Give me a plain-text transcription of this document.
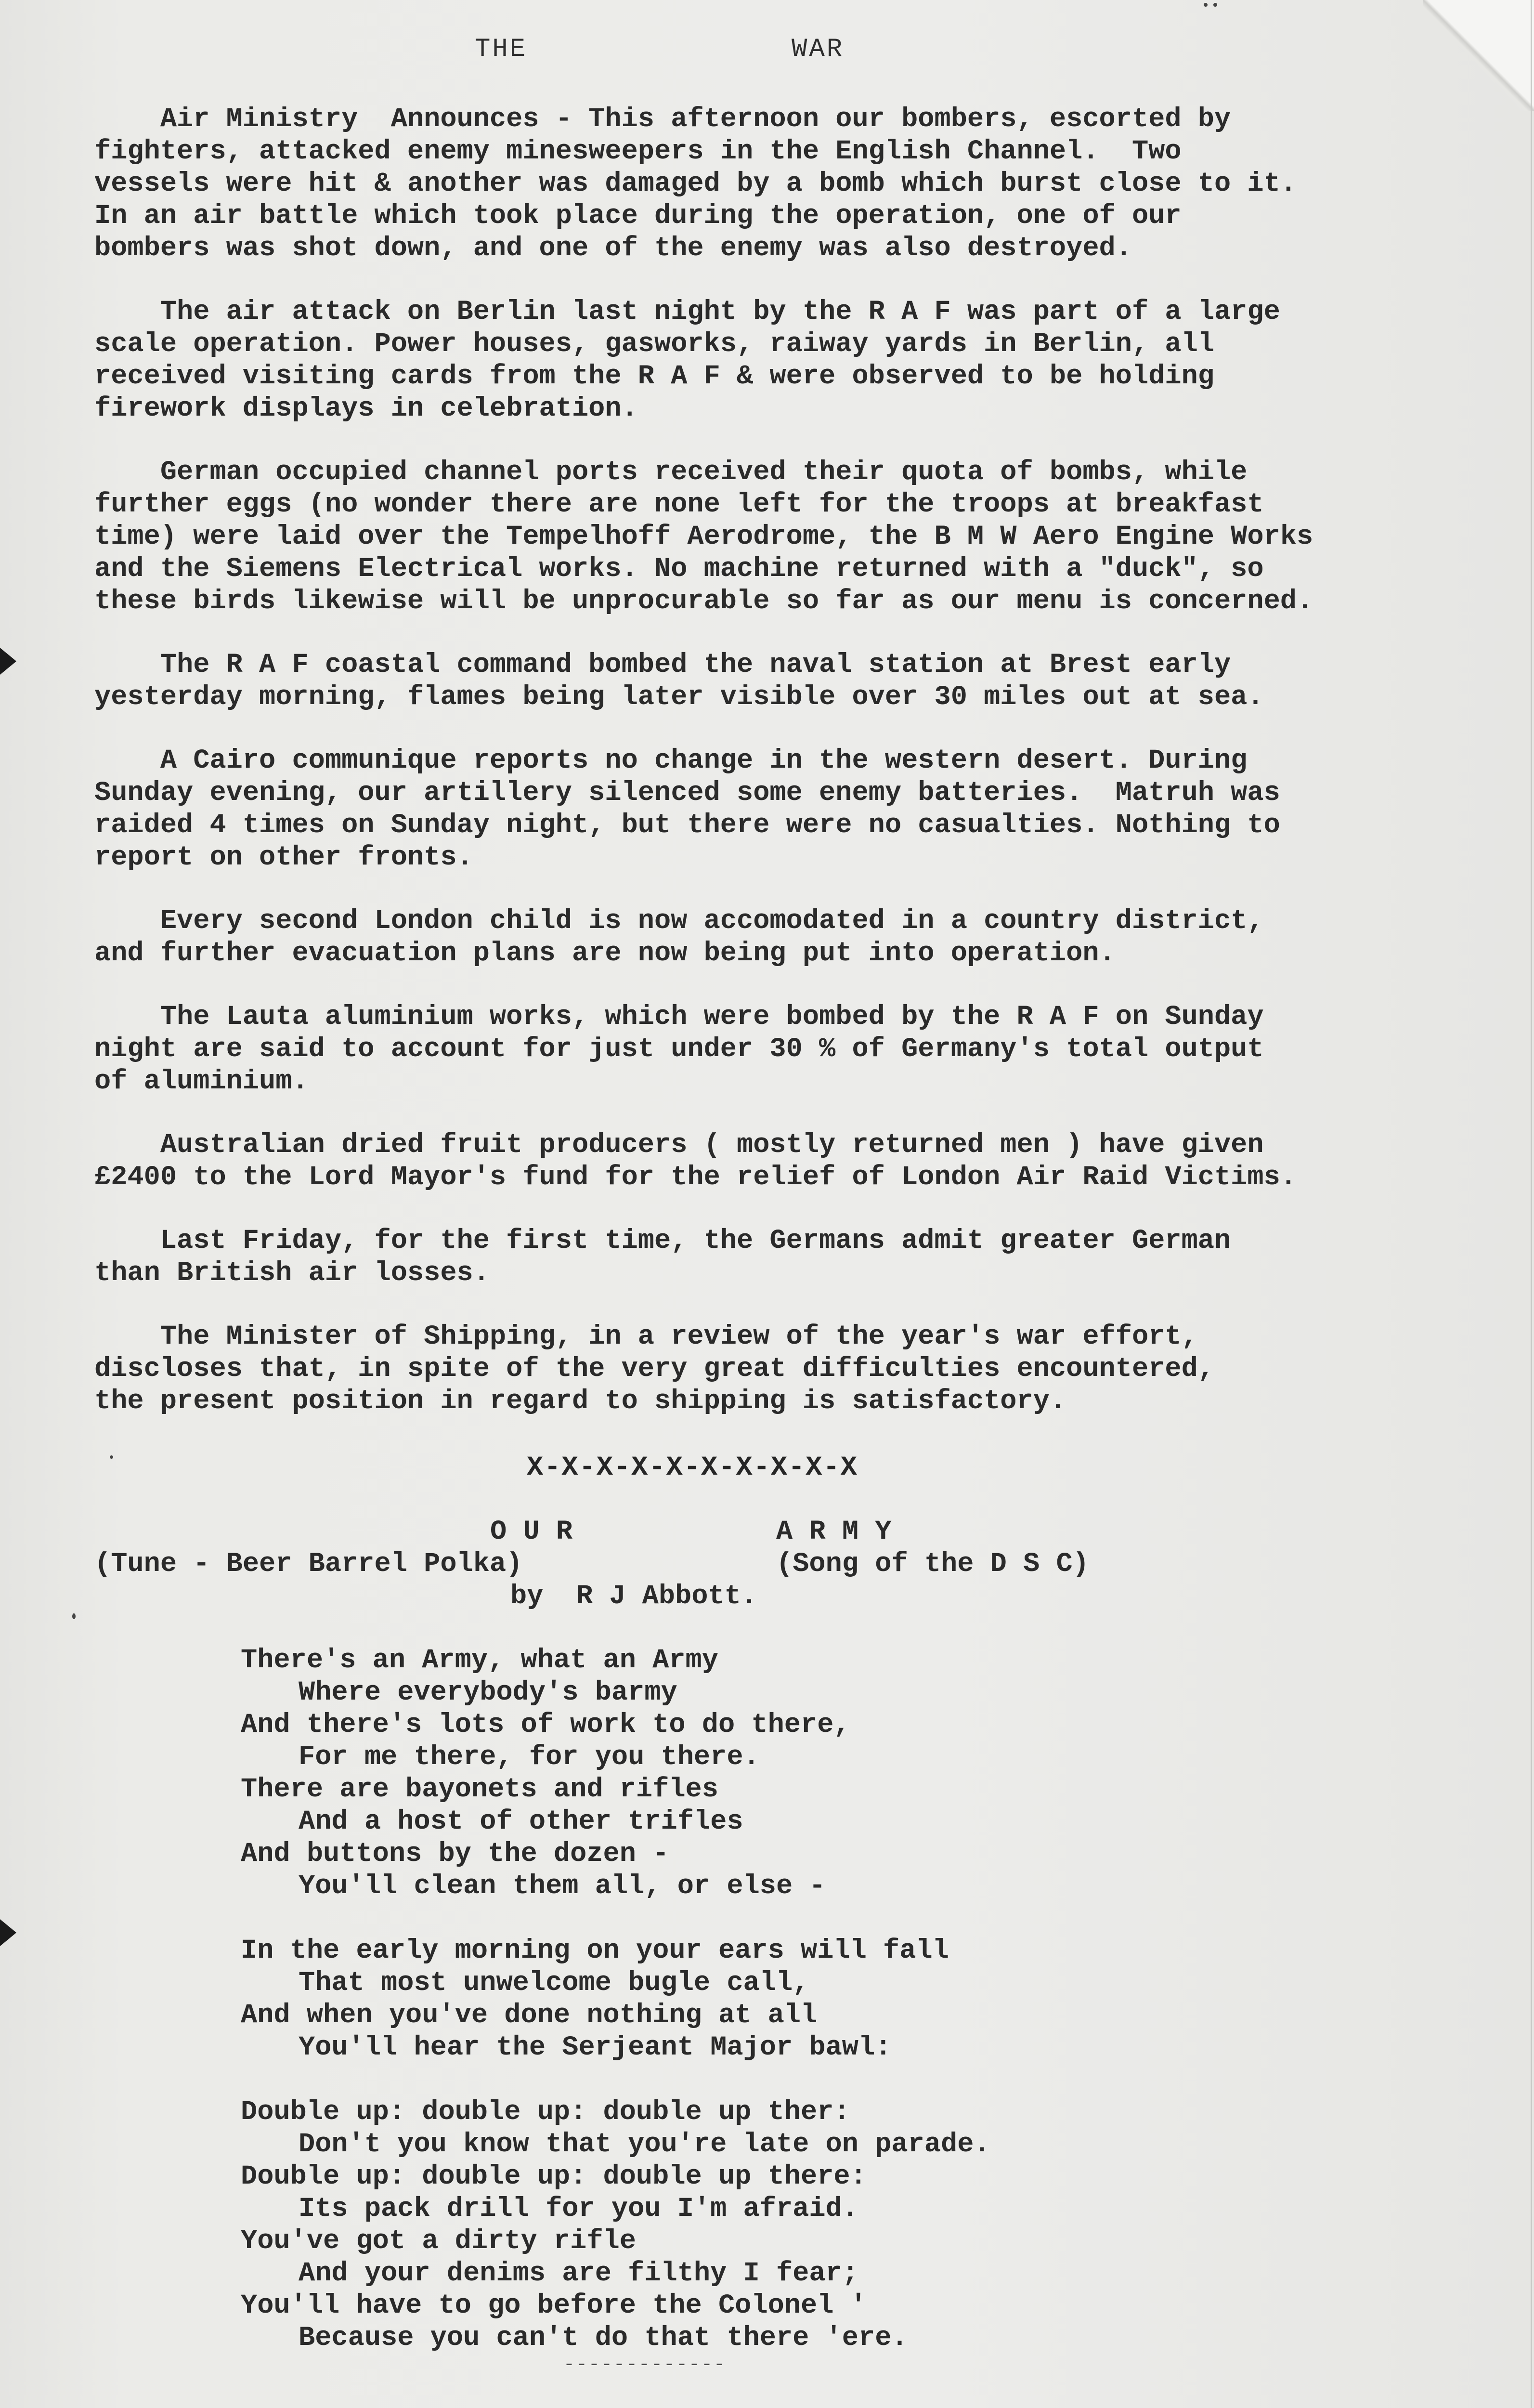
THE	WAR
Air Ministry  Announces - This afternoon our bombers, escorted by
fighters, attacked enemy minesweepers in the English Channel.  Two
vessels were hit & another was damaged by a bomb which burst close to it.
In an air battle which took place during the operation, one of our
bombers was shot down, and one of the enemy was also destroyed.
The air attack on Berlin last night by the R A F was part of a large
scale operation. Power houses, gasworks, raiway yards in Berlin, all
received visiting cards from the R A F & were observed to be holding
firework displays in celebration.
German occupied channel ports received their quota of bombs, while
further eggs (no wonder there are none left for the troops at breakfast
time) were laid over the Tempelhoff Aerodrome, the B M W Aero Engine Works
and the Siemens Electrical works. No machine returned with a "duck", so
these birds likewise will be unprocurable so far as our menu is concerned.
The R A F coastal command bombed the naval station at Brest early
yesterday morning, flames being later visible over 30 miles out at sea.
A Cairo communique reports no change in the western desert. During
Sunday evening, our artillery silenced some enemy batteries.  Matruh was
raided 4 times on Sunday night, but there were no casualties. Nothing to
report on other fronts.
Every second London child is now accomodated in a country district,
and further evacuation plans are now being put into operation.
The Lauta aluminium works, which were bombed by the R A F on Sunday
night are said to account for just under 30 % of Germany's total output
of aluminium.
Australian dried fruit producers ( mostly returned men ) have given
£2400 to the Lord Mayor's fund for the relief of London Air Raid Victims.
Last Friday, for the first time, the Germans admit greater German
than British air losses.
The Minister of Shipping, in a review of the year's war effort,
discloses that, in spite of the very great difficulties encountered,
the present position in regard to shipping is satisfactory.
X-X-X-X-X-X-X-X-X-X
O U R	A R M Y
(Tune - Beer Barrel Polka)	(Song of the D S C)
by  R J Abbott.
There's an Army, what an Army
Where everybody's barmy
And there's lots of work to do there,
For me there, for you there.
There are bayonets and rifles
And a host of other trifles
And buttons by the dozen -
You'll clean them all, or else -
In the early morning on your ears will fall
That most unwelcome bugle call,
And when you've done nothing at all
You'll hear the Serjeant Major bawl:
Double up: double up: double up ther:
Don't you know that you're late on parade.
Double up: double up: double up there:
Its pack drill for you I'm afraid.
You've got a dirty rifle
And your denims are filthy I fear;
You'll have to go before the Colonel '
Because you can't do that there 'ere.
-------------
